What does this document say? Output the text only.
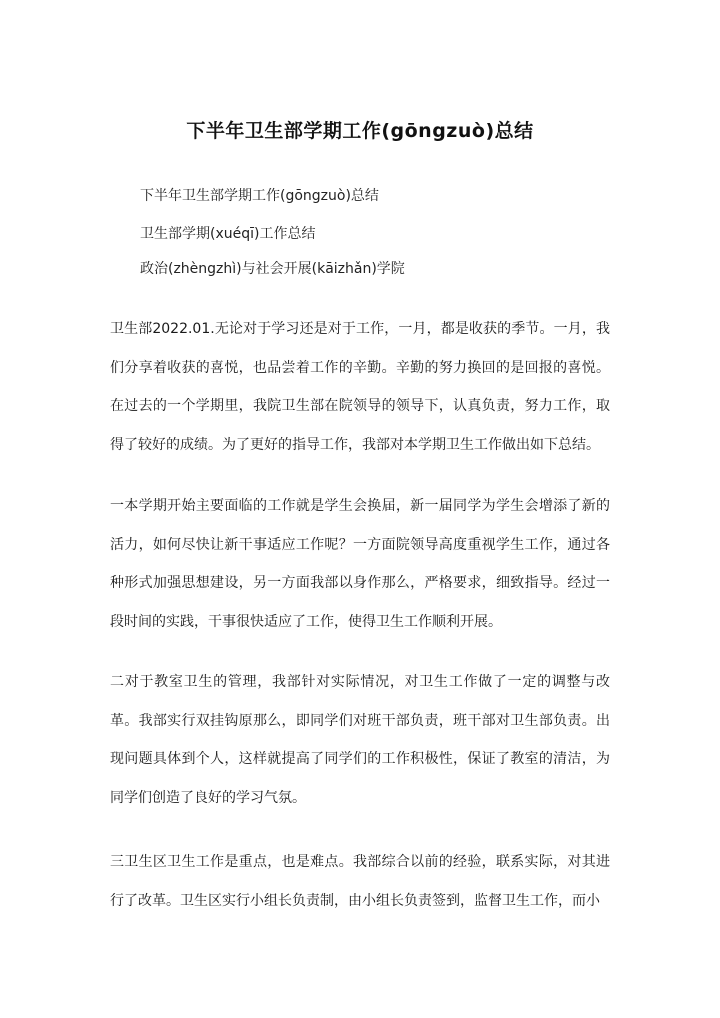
下半年卫生部学期工作(gōngzuò)总结
下半年卫生部学期工作(gōngzuò)总结
卫生部学期(xuéqī)工作总结
政治(zhèngzhì)与社会开展(kāizhǎn)学院

卫生部2022.01.无论对于学习还是对于工作，一月，都是收获的季节。一月，我们分享着收获的喜悦，也品尝着工作的辛勤。辛勤的努力换回的是回报的喜悦。在过去的一个学期里，我院卫生部在院领导的领导下，认真负责，努力工作，取得了较好的成绩。为了更好的指导工作，我部对本学期卫生工作做出如下总结。

一本学期开始主要面临的工作就是学生会换届，新一届同学为学生会增添了新的活力，如何尽快让新干事适应工作呢？一方面院领导高度重视学生工作，通过各种形式加强思想建设，另一方面我部以身作那么，严格要求，细致指导。经过一段时间的实践，干事很快适应了工作，使得卫生工作顺利开展。

二对于教室卫生的管理，我部针对实际情况，对卫生工作做了一定的调整与改革。我部实行双挂钩原那么，即同学们对班干部负责，班干部对卫生部负责。出现问题具体到个人，这样就提高了同学们的工作积极性，保证了教室的清洁，为同学们创造了良好的学习气氛。

三卫生区卫生工作是重点，也是难点。我部综合以前的经验，联系实际，对其进行了改革。卫生区实行小组长负责制，由小组长负责签到，监督卫生工作，而小
